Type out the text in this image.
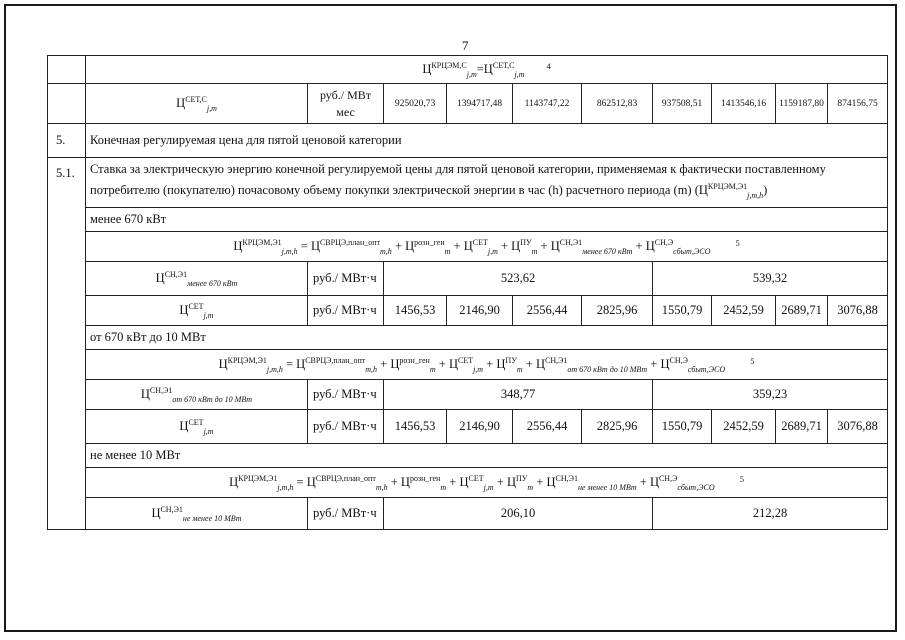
7
	$Ц^{КРЦЭМ,С}_{j,m}=Ц^{СЕТ,С}_{j,m}^4$
	$Ц^{СЕТ,С}_{j,m}$	руб./ МВт мес	925020,73	1394717,48	1143747,22	862512,83	937508,51	1413546,16	1159187,80	874156,75
5.	Конечная регулируемая цена для пятой ценовой категории									
5.1.	Ставка за электрическую энергию конечной регулируемой цены для пятой ценовой категории, применяемая к фактически поставленному потребителю (покупателю) почасовому объему покупки электрической энергии в час (h) расчетного периода (m) $(Ц^{КРЦЭМ,Э1}_{j,m,h})$									
	менее 670 кВт									
	$Ц^{КРЦЭМ,Э1}_{j,m,h} = Ц^{СВРЦЭ,план\_опт}_{m,h} + Ц^{розн\_ген}_m + Ц^{СЕТ}_{j,m} + Ц^{ПУ}_m + Ц^{СН,Э1}_{менее 670 кВт} + Ц^{СН,Э}_{сбыт,ЭСО}$ $^5$
	$Ц^{СН,Э1}_{менее 670 кВт}$	руб./ МВт·ч	523,62				539,32			
	$Ц^{СЕТ}_{j,m}$	руб./ МВт·ч	1456,53	2146,90	2556,44	2825,96	1550,79	2452,59	2689,71	3076,88
	от 670 кВт до 10 МВт									
	$Ц^{КРЦЭМ,Э1}_{j,m,h} = Ц^{СВРЦЭ,план\_опт}_{m,h} + Ц^{розн\_ген}_m + Ц^{СЕТ}_{j,m} + Ц^{ПУ}_m + Ц^{СН,Э1}_{от 670 кВт до 10 МВт} + Ц^{СН,Э}_{сбыт,ЭСО}$ $^5$
	$Ц^{СН,Э1}_{от 670 кВт до 10 МВт}$	руб./ МВт·ч	348,77				359,23			
	$Ц^{СЕТ}_{j,m}$	руб./ МВт·ч	1456,53	2146,90	2556,44	2825,96	1550,79	2452,59	2689,71	3076,88
	не менее 10 МВт									
	$Ц^{КРЦЭМ,Э1}_{j,m,h} = Ц^{СВРЦЭ,план\_опт}_{m,h} + Ц^{розн\_ген}_m + Ц^{СЕТ}_{j,m} + Ц^{ПУ}_m + Ц^{СН,Э1}_{не менее 10 МВт} + Ц^{СН,Э}_{сбыт,ЭСО}$ $^5$
	$Ц^{СН,Э1}_{не менее 10 МВт}$	руб./ МВт·ч	206,10				212,28			
